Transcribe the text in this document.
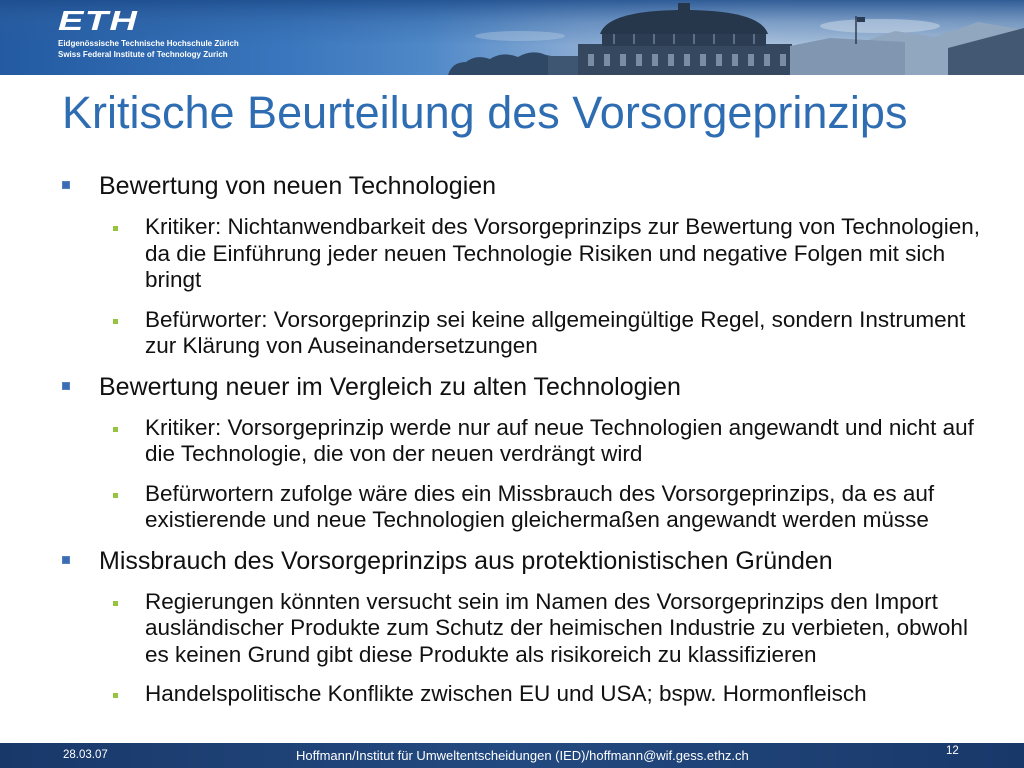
ETH
Eidgenössische Technische Hochschule Zürich
Swiss Federal Institute of Technology Zurich
Kritische Beurteilung des Vorsorgeprinzips
Bewertung von neuen Technologien
Kritiker: Nichtanwendbarkeit des Vorsorgeprinzips zur Bewertung von Technologien,
da die Einführung jeder neuen Technologie Risiken und negative Folgen mit sich
bringt
Befürworter: Vorsorgeprinzip sei keine allgemeingültige Regel, sondern Instrument
zur Klärung von Auseinandersetzungen
Bewertung neuer im Vergleich zu alten Technologien
Kritiker: Vorsorgeprinzip werde nur auf neue Technologien angewandt und nicht auf
die Technologie, die von der neuen verdrängt wird
Befürwortern zufolge wäre dies ein Missbrauch des Vorsorgeprinzips, da es auf
existierende und neue Technologien gleichermaßen angewandt werden müsse
Missbrauch des Vorsorgeprinzips aus protektionistischen Gründen
Regierungen könnten versucht sein im Namen des Vorsorgeprinzips den Import
ausländischer Produkte zum Schutz der heimischen Industrie zu verbieten, obwohl
es keinen Grund gibt diese Produkte als risikoreich zu klassifizieren
Handelspolitische Konflikte zwischen EU und USA; bspw. Hormonfleisch
28.03.07	Hoffmann/Institut für Umweltentscheidungen (IED)/hoffmann@wif.gess.ethz.ch	12
